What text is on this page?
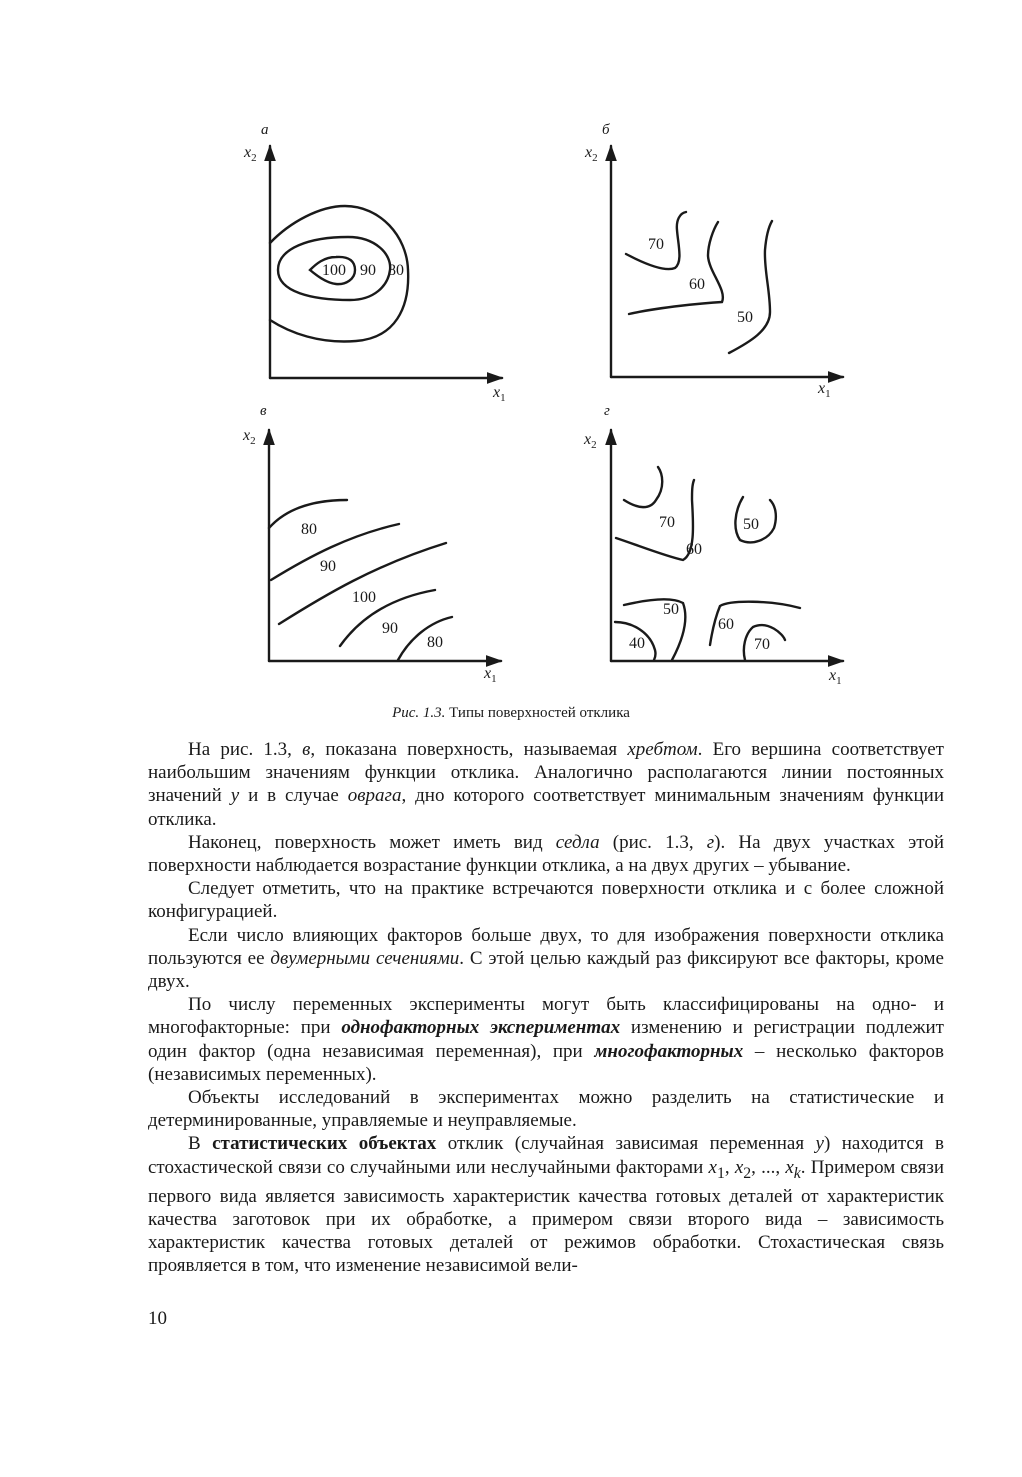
а
$x_2$
$x_1$
100 90 80
б
$x_2$
$x_1$
70
60
50
в
$x_2$
$x_1$
80
90
100
90
80
г
$x_2$
$x_1$
70
60
50
50
40
60
70
Рис. 1.3. Типы поверхностей отклика

На рис. 1.3, в, показана поверхность, называемая хребтом. Его вершина соответствует наибольшим значениям функции отклика. Аналогично располагаются линии постоянных значений y и в случае оврага, дно которого соответствует минимальным значениям функции отклика.

Наконец, поверхность может иметь вид седла (рис. 1.3, г). На двух участках этой поверхности наблюдается возрастание функции отклика, а на двух других – убывание.

Следует отметить, что на практике встречаются поверхности отклика и с более сложной конфигурацией.

Если число влияющих факторов больше двух, то для изображения поверхности отклика пользуются ее двумерными сечениями. С этой целью каждый раз фиксируют все факторы, кроме двух.

По числу переменных эксперименты могут быть классифицированы на одно- и многофакторные: при однофакторных экспериментах изменению и регистрации подлежит один фактор (одна независимая переменная), при многофакторных – несколько факторов (независимых переменных).

Объекты исследований в экспериментах можно разделить на статистические и детерминированные, управляемые и неуправляемые.

В статистических объектах отклик (случайная зависимая переменная y) находится в стохастической связи со случайными или неслучайными факторами $x_1$, $x_2$, ..., $x_k$. Примером связи первого вида является зависимость характеристик качества готовых деталей от характеристик качества заготовок при их обработке, а примером связи второго вида – зависимость характеристик качества готовых деталей от режимов обработки. Стохастическая связь проявляется в том, что изменение независимой вели-

10
